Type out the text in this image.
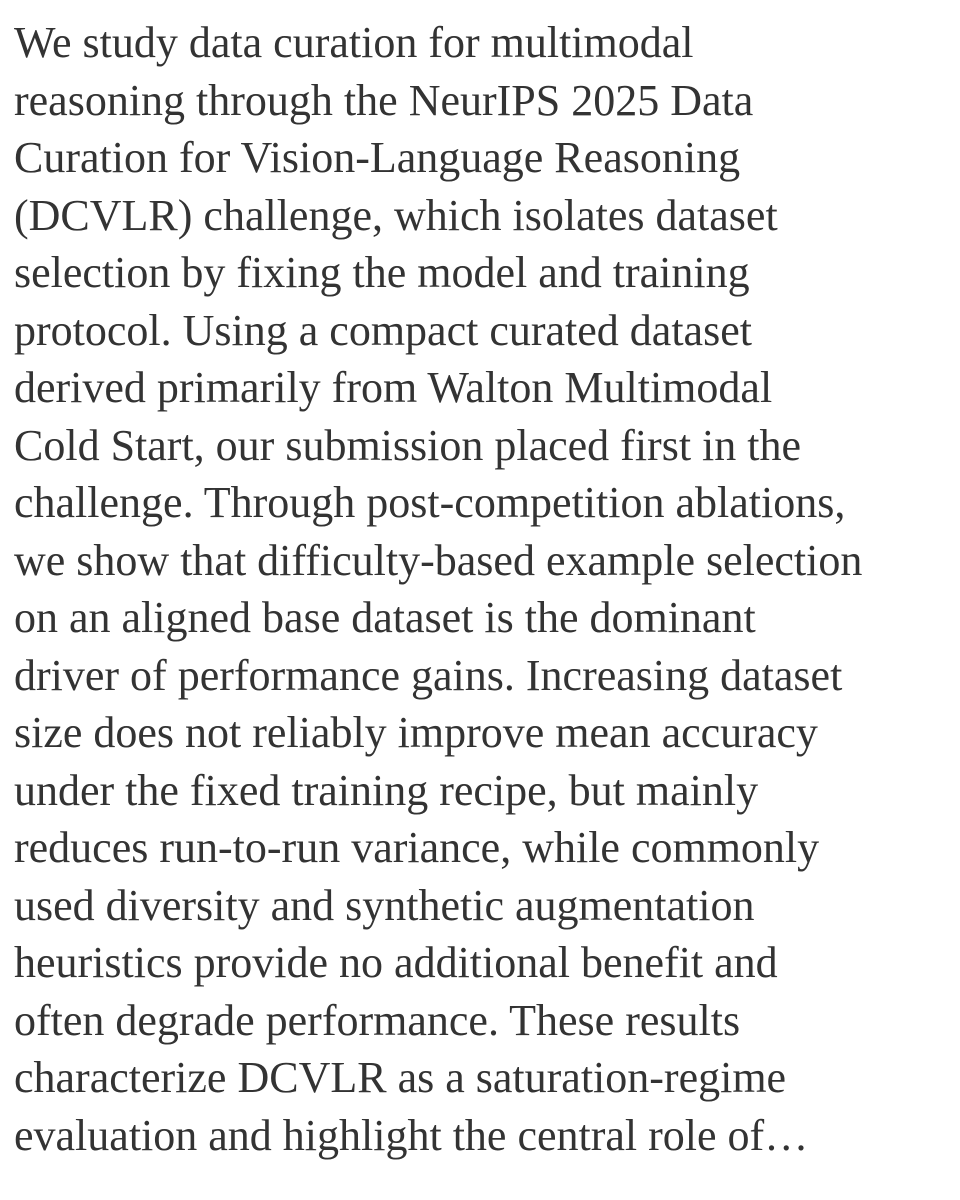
We study data curation for multimodal
reasoning through the NeurIPS 2025 Data
Curation for Vision-Language Reasoning
(DCVLR) challenge, which isolates dataset
selection by fixing the model and training
protocol. Using a compact curated dataset
derived primarily from Walton Multimodal
Cold Start, our submission placed first in the
challenge. Through post-competition ablations,
we show that difficulty-based example selection
on an aligned base dataset is the dominant
driver of performance gains. Increasing dataset
size does not reliably improve mean accuracy
under the fixed training recipe, but mainly
reduces run-to-run variance, while commonly
used diversity and synthetic augmentation
heuristics provide no additional benefit and
often degrade performance. These results
characterize DCVLR as a saturation-regime
evaluation and highlight the central role of…
